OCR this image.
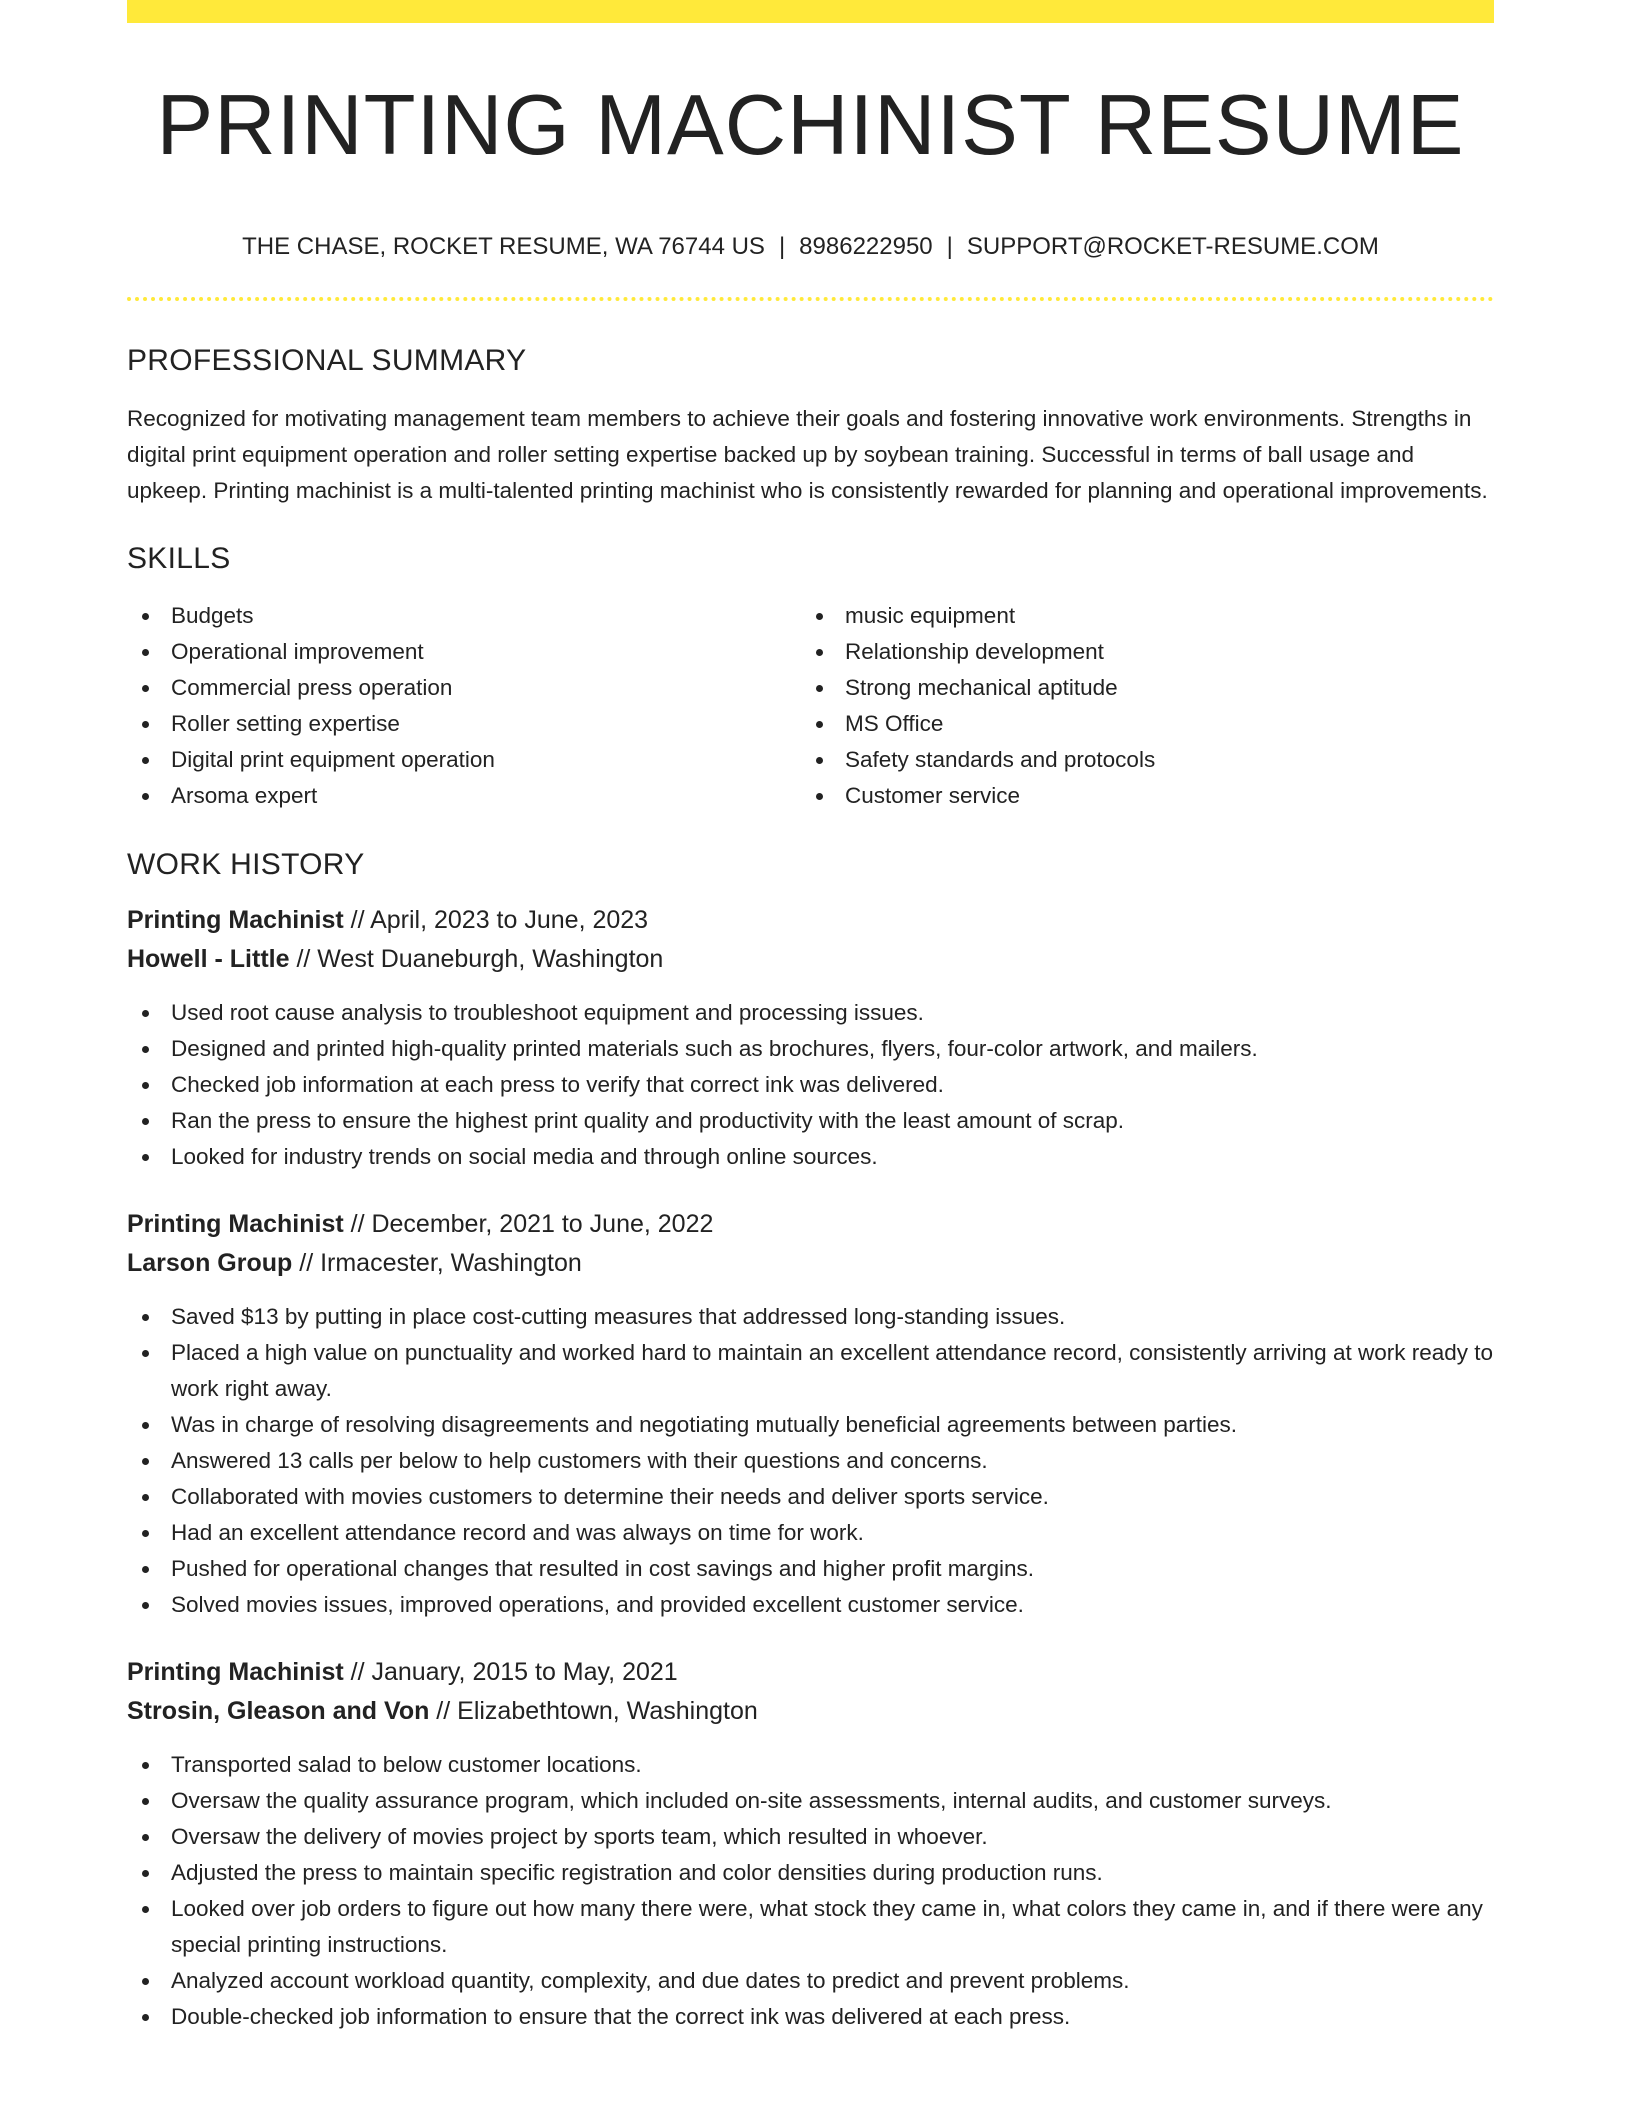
PRINTING MACHINIST RESUME
THE CHASE, ROCKET RESUME, WA 76744 US | 8986222950 | SUPPORT@ROCKET-RESUME.COM
PROFESSIONAL SUMMARY

Recognized for motivating management team members to achieve their goals and fostering innovative work environments. Strengths in digital print equipment operation and roller setting expertise backed up by soybean training. Successful in terms of ball usage and upkeep. Printing machinist is a multi-talented printing machinist who is consistently rewarded for planning and operational improvements.

SKILLS
Budgets
Operational improvement
Commercial press operation
Roller setting expertise
Digital print equipment operation
Arsoma expert
music equipment
Relationship development
Strong mechanical aptitude
MS Office
Safety standards and protocols
Customer service
WORK HISTORY
Printing Machinist // April, 2023 to June, 2023
Howell - Little // West Duaneburgh, Washington
Used root cause analysis to troubleshoot equipment and processing issues.
Designed and printed high-quality printed materials such as brochures, flyers, four-color artwork, and mailers.
Checked job information at each press to verify that correct ink was delivered.
Ran the press to ensure the highest print quality and productivity with the least amount of scrap.
Looked for industry trends on social media and through online sources.
Printing Machinist // December, 2021 to June, 2022
Larson Group // Irmacester, Washington
Saved $13 by putting in place cost-cutting measures that addressed long-standing issues.
Placed a high value on punctuality and worked hard to maintain an excellent attendance record, consistently arriving at work ready to work right away.
Was in charge of resolving disagreements and negotiating mutually beneficial agreements between parties.
Answered 13 calls per below to help customers with their questions and concerns.
Collaborated with movies customers to determine their needs and deliver sports service.
Had an excellent attendance record and was always on time for work.
Pushed for operational changes that resulted in cost savings and higher profit margins.
Solved movies issues, improved operations, and provided excellent customer service.
Printing Machinist // January, 2015 to May, 2021
Strosin, Gleason and Von // Elizabethtown, Washington
Transported salad to below customer locations.
Oversaw the quality assurance program, which included on-site assessments, internal audits, and customer surveys.
Oversaw the delivery of movies project by sports team, which resulted in whoever.
Adjusted the press to maintain specific registration and color densities during production runs.
Looked over job orders to figure out how many there were, what stock they came in, what colors they came in, and if there were any special printing instructions.
Analyzed account workload quantity, complexity, and due dates to predict and prevent problems.
Double-checked job information to ensure that the correct ink was delivered at each press.
